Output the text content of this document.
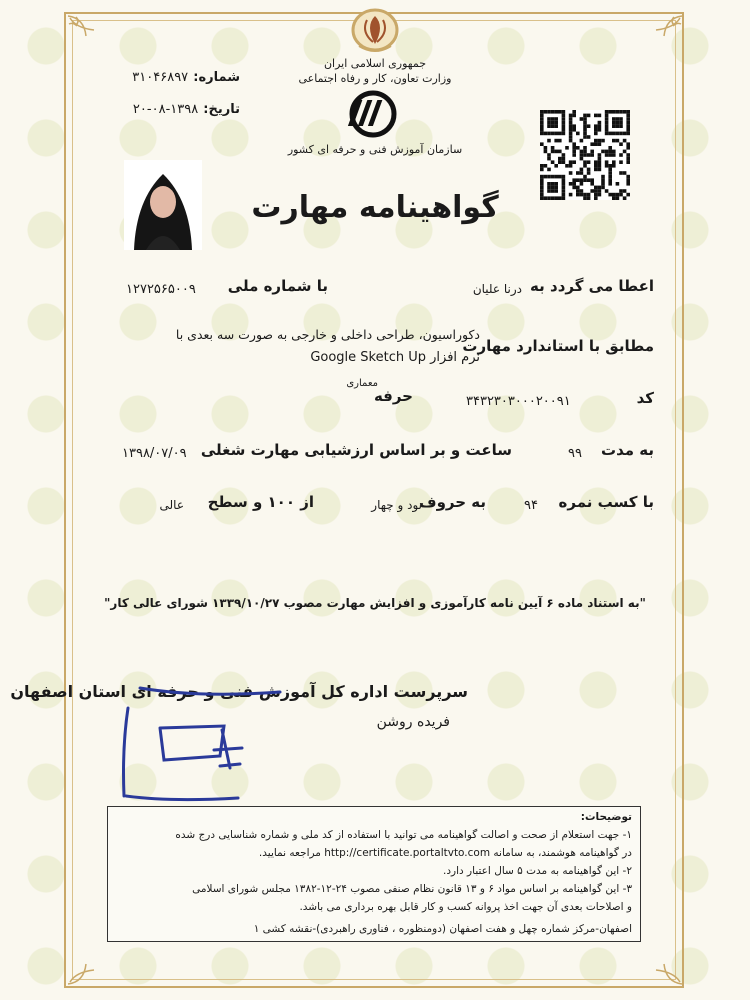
جمهوری اسلامی ایران
وزارت تعاون، کار و رفاه اجتماعی
سازمان آموزش فنی و حرفه ای کشور
شماره: ۳۱۰۴۶۸۹۷
تاریخ: ۱۳۹۸-۰۸-۲۰
گواهینامه مهارت
اعطا می گردد به
درنا علیان
با شماره ملی
۱۲۷۲۵۶۵۰۰۹
مطابق با استاندارد مهارت
دکوراسیون، طراحی داخلی و خارجی به صورت سه بعدی با
نرم افزار Google Sketch Up
کد
۳۴۳۲۳۰۳۰۰۰۲۰۰۹۱
حرفه
معماری
به مدت
۹۹
ساعت و بر اساس ارزشیابی مهارت شغلی
۱۳۹۸/۰۷/۰۹
با کسب نمره
۹۴
به حروف
نود و چهار
از ۱۰۰ و سطح
عالی
"به استناد ماده ۶ آیین نامه کارآموزی و افزایش مهارت مصوب ۱۳۳۹/۱۰/۲۷ شورای عالی کار"
سرپرست اداره کل آموزش فنی و حرفه ای استان اصفهان
فریده روشن
توضیحات:
۱- جهت استعلام از صحت و اصالت گواهینامه می توانید با استفاده از کد ملی و شماره شناسایی درج شده
در گواهینامه هوشمند، به سامانه http://certificate.portaltvto.com مراجعه نمایید.
۲- این گواهینامه به مدت ۵ سال اعتبار دارد.
۳- این گواهینامه بر اساس مواد ۶ و ۱۳ قانون نظام صنفی مصوب ۲۴-۱۲-۱۳۸۲ مجلس شورای اسلامی
و اصلاحات بعدی آن جهت اخذ پروانه کسب و کار قابل بهره برداری می باشد.
اصفهان-مرکز شماره چهل و هفت اصفهان (دومنظوره ، فناوری راهبردی)-نقشه کشی ۱
